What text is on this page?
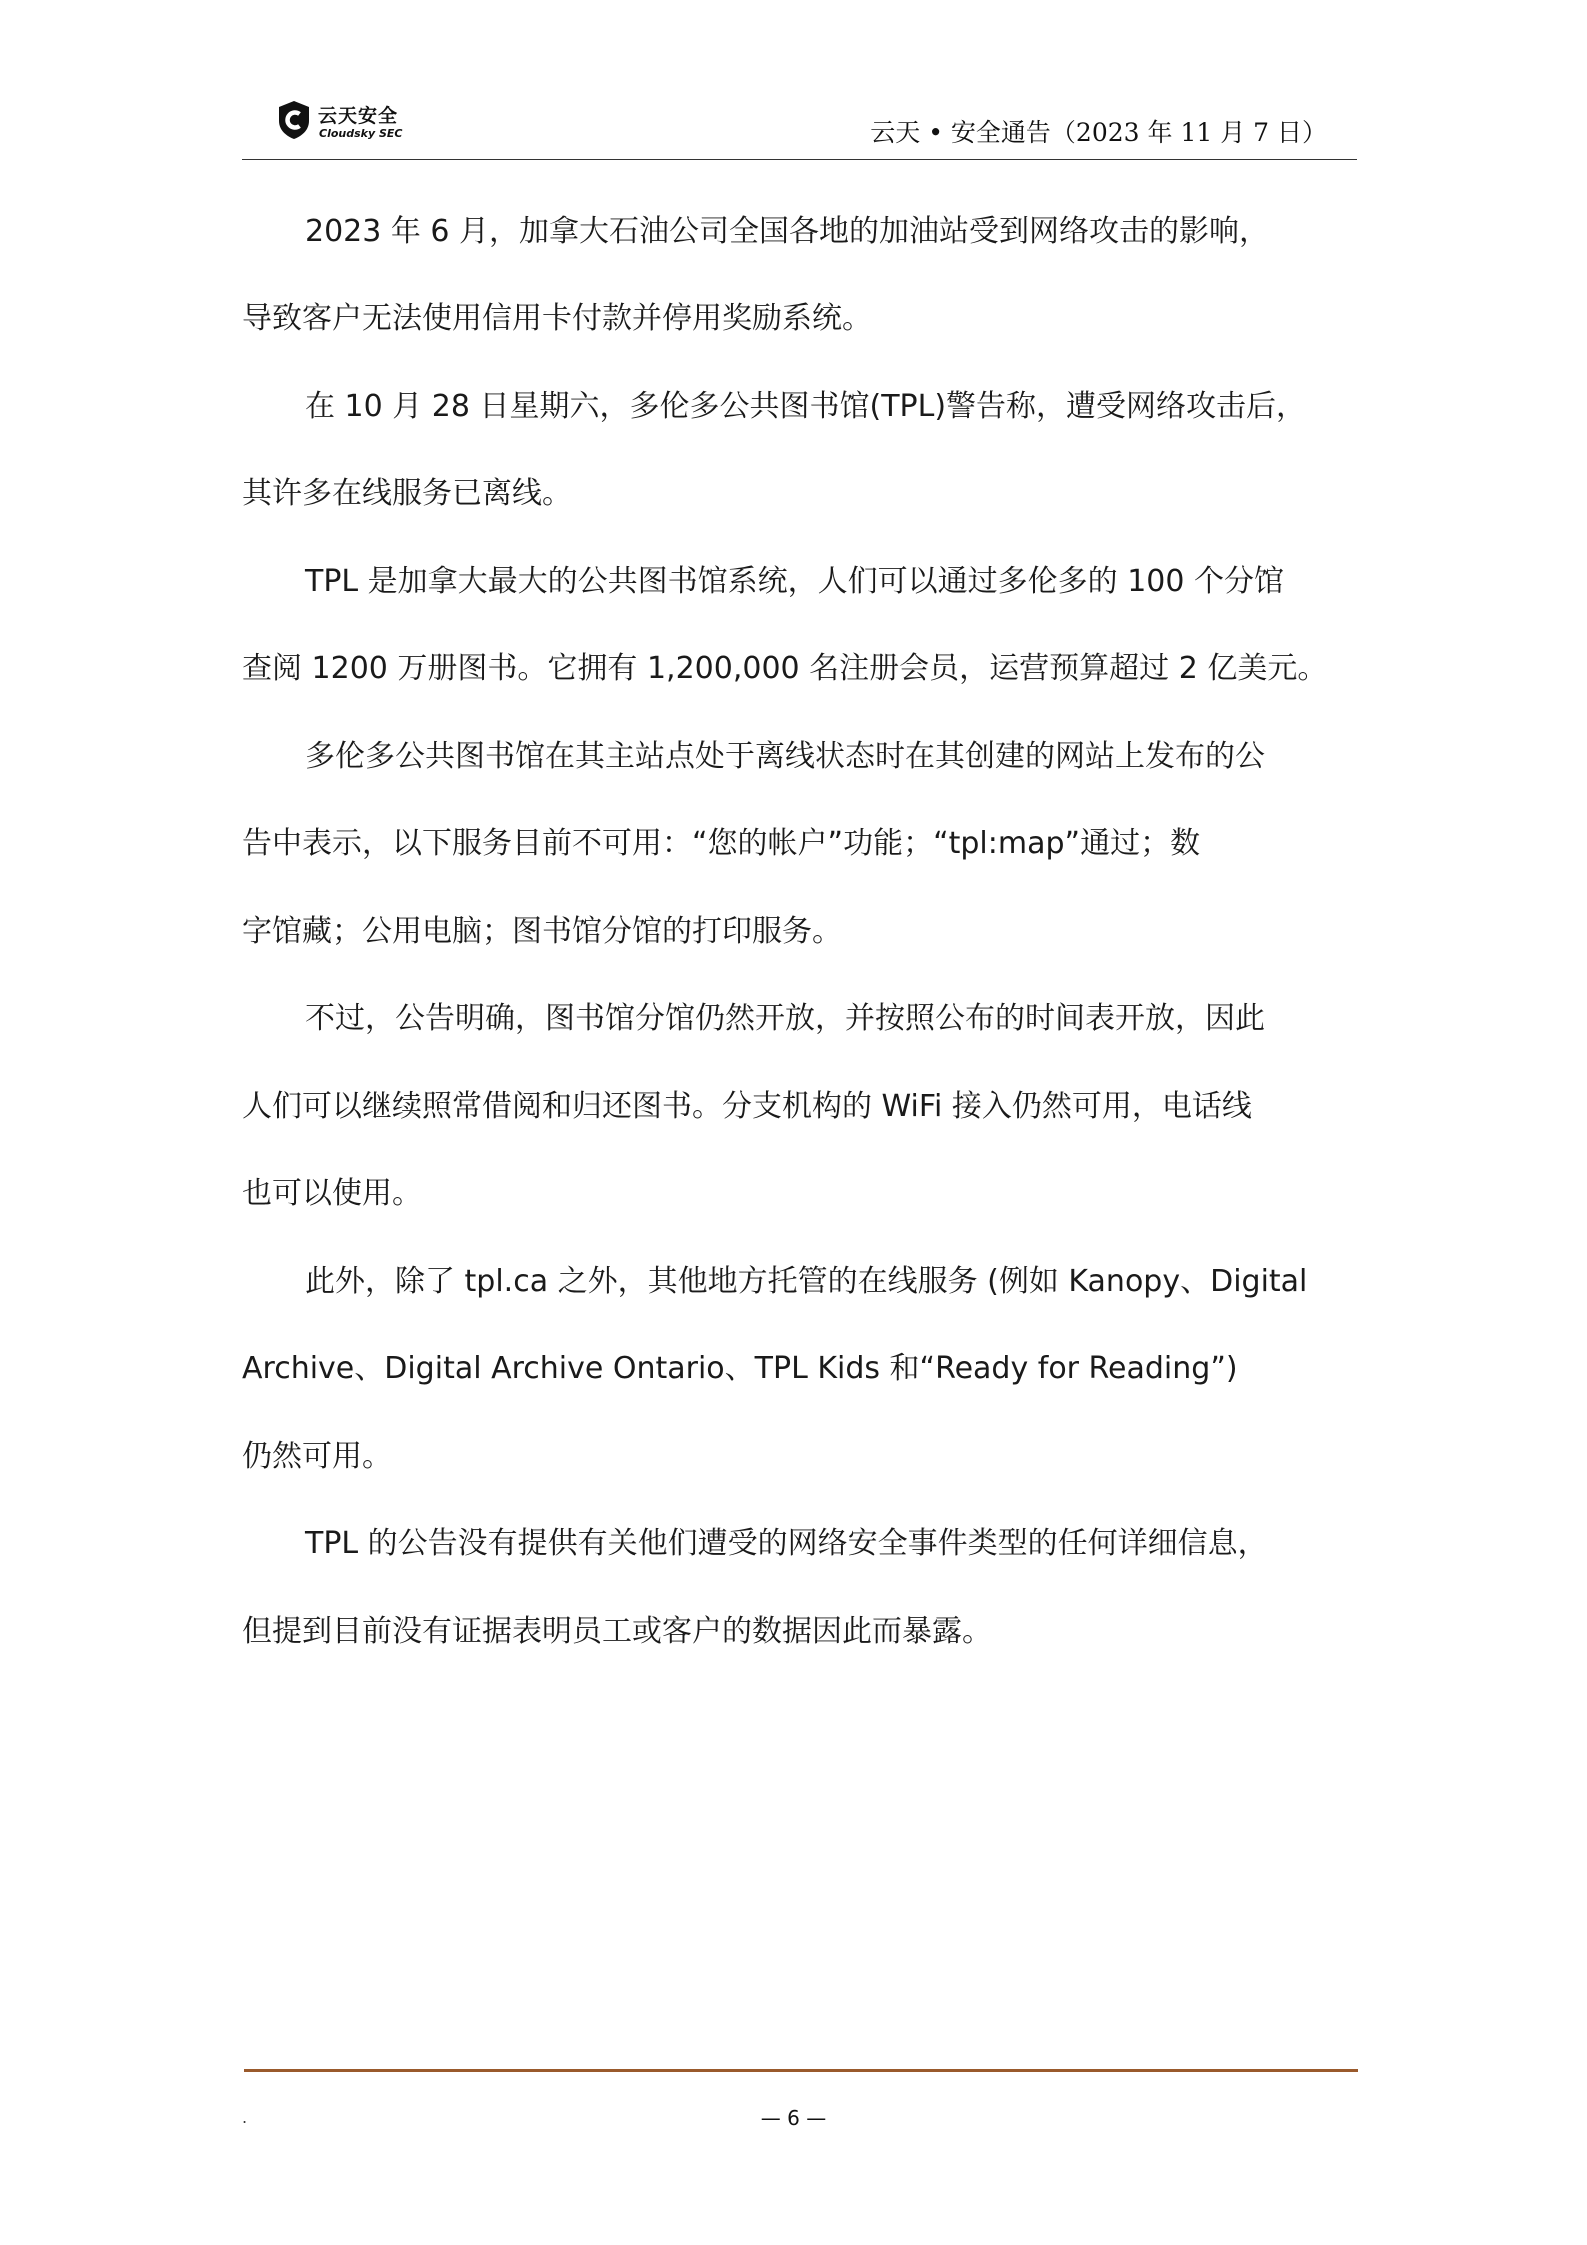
云天安全
Cloudsky SEC	云天 • 安全通告（2023 年 11 月 7 日）
2023 年 6 月，加拿大石油公司全国各地的加油站受到网络攻击的影响，
导致客户无法使用信用卡付款并停用奖励系统。
在 10 月 28 日星期六，多伦多公共图书馆(TPL)警告称，遭受网络攻击后，
其许多在线服务已离线。
TPL 是加拿大最大的公共图书馆系统，人们可以通过多伦多的 100 个分馆
查阅 1200 万册图书。它拥有 1,200,000 名注册会员，运营预算超过 2 亿美元。
多伦多公共图书馆在其主站点处于离线状态时在其创建的网站上发布的公
告中表示，以下服务目前不可用：“您的帐户”功能；“tpl:map”通过；数
字馆藏；公用电脑；图书馆分馆的打印服务。
不过，公告明确，图书馆分馆仍然开放，并按照公布的时间表开放，因此
人们可以继续照常借阅和归还图书。分支机构的 WiFi 接入仍然可用，电话线
也可以使用。
此外，除了 tpl.ca 之外，其他地方托管的在线服务 (例如 Kanopy、Digital
Archive、Digital Archive Ontario、TPL Kids 和“Ready for Reading”)
仍然可用。
TPL 的公告没有提供有关他们遭受的网络安全事件类型的任何详细信息，
但提到目前没有证据表明员工或客户的数据因此而暴露。
.	— 6 —
